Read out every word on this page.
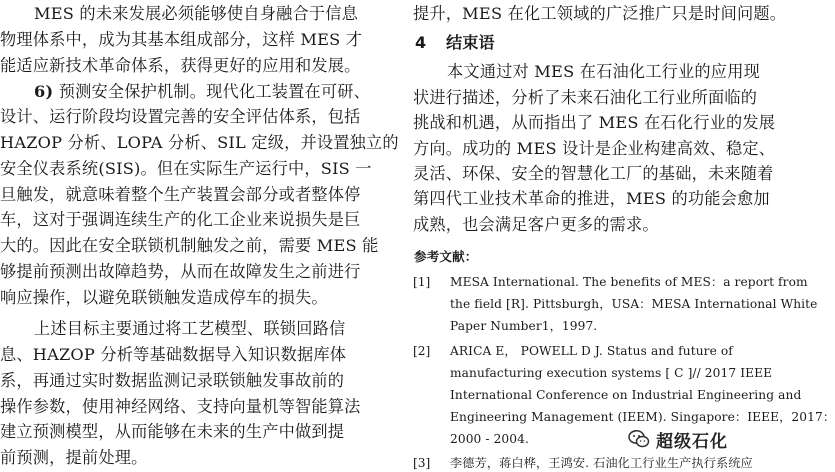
MES 的未来发展必须能够使自身融合于信息
物理体系中，成为其基本组成部分，这样 MES 才
能适应新技术革命体系，获得更好的应用和发展。
6) 预测安全保护机制。现代化工装置在可研、
设计、运行阶段均设置完善的安全评估体系，包括
HAZOP 分析、LOPA 分析、SIL 定级，并设置独立的
安全仪表系统(SIS)。但在实际生产运行中，SIS 一
旦触发，就意味着整个生产装置会部分或者整体停
车，这对于强调连续生产的化工企业来说损失是巨
大的。因此在安全联锁机制触发之前，需要 MES 能
够提前预测出故障趋势，从而在故障发生之前进行
响应操作，以避免联锁触发造成停车的损失。
上述目标主要通过将工艺模型、联锁回路信
息、HAZOP 分析等基础数据导入知识数据库体
系，再通过实时数据监测记录联锁触发事故前的
操作参数，使用神经网络、支持向量机等智能算法
建立预测模型，从而能够在未来的生产中做到提
前预测，提前处理。
提升，MES 在化工领域的广泛推广只是时间问题。
4 结束语
本文通过对 MES 在石油化工行业的应用现
状进行描述，分析了未来石油化工行业所面临的
挑战和机遇，从而指出了 MES 在石化行业的发展
方向。成功的 MES 设计是企业构建高效、稳定、
灵活、环保、安全的智慧化工厂的基础，未来随着
第四代工业技术革命的推进，MES 的功能会愈加
成熟，也会满足客户更多的需求。
参考文献：
[1] MESA International. The benefits of MES：a report from
the field [R]. Pittsburgh，USA：MESA International White
Paper Number1，1997.
[2] ARICA E， POWELL D J. Status and future of
manufacturing execution systems [ C ]// 2017 IEEE
International Conference on Industrial Engineering and
Engineering Management (IEEM). Singapore：IEEE，2017：
2000 - 2004.
[3] 李德芳，蒋白桦，王鸿安. 石油化工行业生产执行系统应
超级石化
